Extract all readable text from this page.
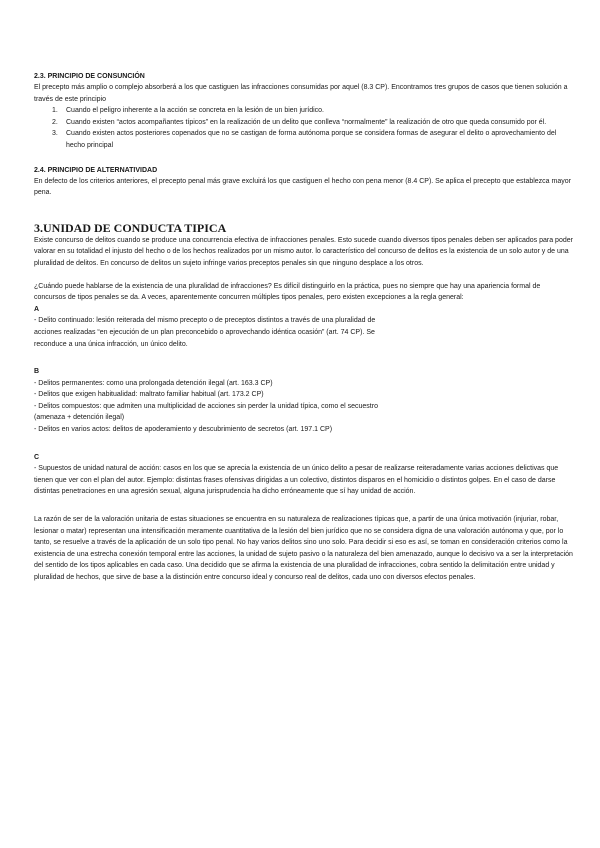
2.3. PRINCIPIO DE CONSUNCIÓN

El precepto más amplio o complejo absorberá a los que castiguen las infracciones consumidas por aquel (8.3 CP). Encontramos tres grupos de casos que tienen solución a través de este principio

1. Cuando el peligro inherente a la acción se concreta en la lesión de un bien jurídico.
2. Cuando existen “actos acompañantes típicos” en la realización de un delito que conlleva “normalmente” la realización de otro que queda consumido por él.
3. Cuando existen actos posteriores copenados que no se castigan de forma autónoma porque se considera formas de asegurar el delito o aprovechamiento del hecho principal

2.4. PRINCIPIO DE ALTERNATIVIDAD

En defecto de los criterios anteriores, el precepto penal más grave excluirá los que castiguen el hecho con pena menor (8.4 CP). Se aplica el precepto que establezca mayor pena.

3.UNIDAD DE CONDUCTA TIPICA

Existe concurso de delitos cuando se produce una concurrencia efectiva de infracciones penales. Esto sucede cuando diversos tipos penales deben ser aplicados para poder valorar en su totalidad el injusto del hecho o de los hechos realizados por un mismo autor. lo característico del concurso de delitos es la existencia de un solo autor y de una pluralidad de delitos. En concurso de delitos un sujeto infringe varios preceptos penales sin que ninguno desplace a los otros.

¿Cuándo puede hablarse de la existencia de una pluralidad de infracciones? Es difícil distinguirlo en la práctica, pues no siempre que hay una apariencia formal de concursos de tipos penales se da. A veces, aparentemente concurren múltiples tipos penales, pero existen excepciones a la regla general:

A

- Delito continuado: lesión reiterada del mismo precepto o de preceptos distintos a través de una pluralidad de acciones realizadas “en ejecución de un plan preconcebido o aprovechando idéntica ocasión” (art. 74 CP). Se reconduce a una única infracción, un único delito.

B

- Delitos permanentes: como una prolongada detención ilegal (art. 163.3 CP)

- Delitos que exigen habitualidad: maltrato familiar habitual (art. 173.2 CP)

- Delitos compuestos: que admiten una multiplicidad de acciones sin perder la unidad típica, como el secuestro (amenaza + detención ilegal)

- Delitos en varios actos: delitos de apoderamiento y descubrimiento de secretos (art. 197.1 CP)

C

- Supuestos de unidad natural de acción: casos en los que se aprecia la existencia de un único delito a pesar de realizarse reiteradamente varias acciones delictivas que tienen que ver con el plan del autor. Ejemplo: distintas frases ofensivas dirigidas a un colectivo, distintos disparos en el homicidio o distintos golpes. En el caso de darse distintas penetraciones en una agresión sexual, alguna jurisprudencia ha dicho erróneamente que sí hay unidad de acción.

La razón de ser de la valoración unitaria de estas situaciones se encuentra en su naturaleza de realizaciones típicas que, a partir de una única motivación (injuriar, robar, lesionar o matar) representan una intensificación meramente cuantitativa de la lesión del bien jurídico que no se considera digna de una valoración autónoma y que, por lo tanto, se resuelve a través de la aplicación de un solo tipo penal. No hay varios delitos sino uno solo. Para decidir si eso es así, se toman en consideración criterios como la existencia de una estrecha conexión temporal entre las acciones, la unidad de sujeto pasivo o la naturaleza del bien amenazado, aunque lo decisivo va a ser la interpretación del sentido de los tipos aplicables en cada caso. Una decidido que se afirma la existencia de una pluralidad de infracciones, cobra sentido la delimitación entre unidad y pluralidad de hechos, que sirve de base a la distinción entre concurso ideal y concurso real de delitos, cada uno con diversos efectos penales.
